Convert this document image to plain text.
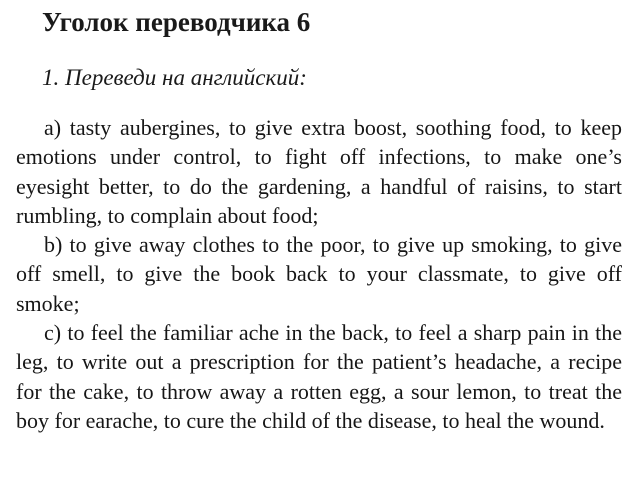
Уголок переводчика 6

1. Переведи на английский:

a) tasty aubergines, to give extra boost, soothing food, to keep emotions under control, to fight off infections, to make one’s eyesight better, to do the gardening, a handful of raisins, to start rumbling, to complain about food;

b) to give away clothes to the poor, to give up smoking, to give off smell, to give the book back to your classmate, to give off smoke;

c) to feel the familiar ache in the back, to feel a sharp pain in the leg, to write out a prescription for the patient’s headache, a recipe for the cake, to throw away a rotten egg, a sour lemon, to treat the boy for earache, to cure the child of the disease, to heal the wound.
